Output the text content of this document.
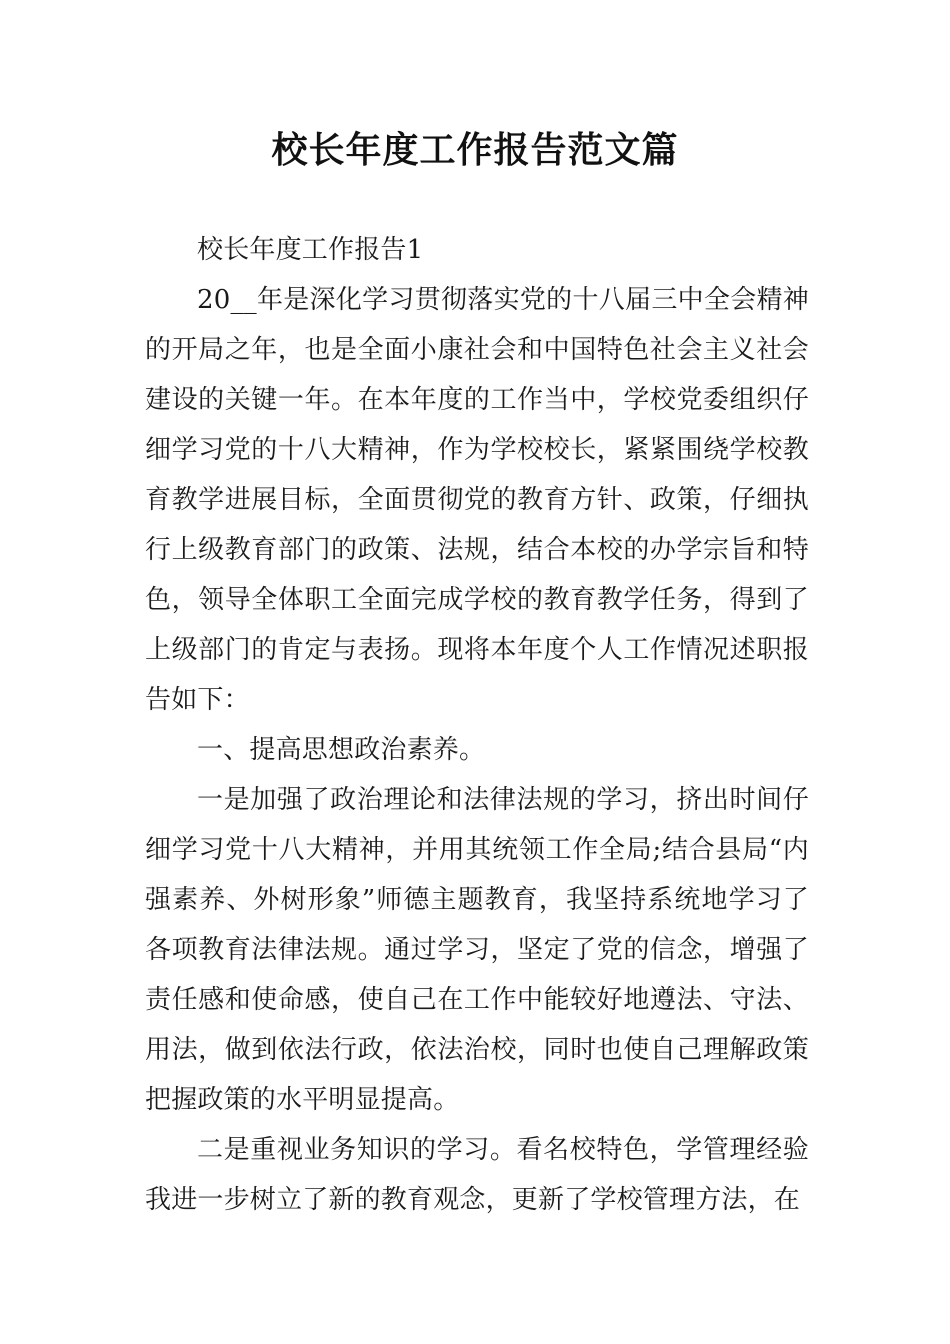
校长年度工作报告范文篇

校长年度工作报告1

20__年是深化学习贯彻落实党的十八届三中全会精神的开局之年，也是全面小康社会和中国特色社会主义社会建设的关键一年。在本年度的工作当中，学校党委组织仔细学习党的十八大精神，作为学校校长，紧紧围绕学校教育教学进展目标，全面贯彻党的教育方针、政策，仔细执行上级教育部门的政策、法规，结合本校的办学宗旨和特色，领导全体职工全面完成学校的教育教学任务，得到了上级部门的肯定与表扬。现将本年度个人工作情况述职报告如下：

一、提高思想政治素养。

一是加强了政治理论和法律法规的学习，挤出时间仔细学习党十八大精神，并用其统领工作全局;结合县局“内强素养、外树形象”师德主题教育，我坚持系统地学习了各项教育法律法规。通过学习，坚定了党的信念，增强了责任感和使命感，使自己在工作中能较好地遵法、守法、用法，做到依法行政，依法治校，同时也使自己理解政策把握政策的水平明显提高。

二是重视业务知识的学习。看名校特色，学管理经验我进一步树立了新的教育观念，更新了学校管理方法，在
